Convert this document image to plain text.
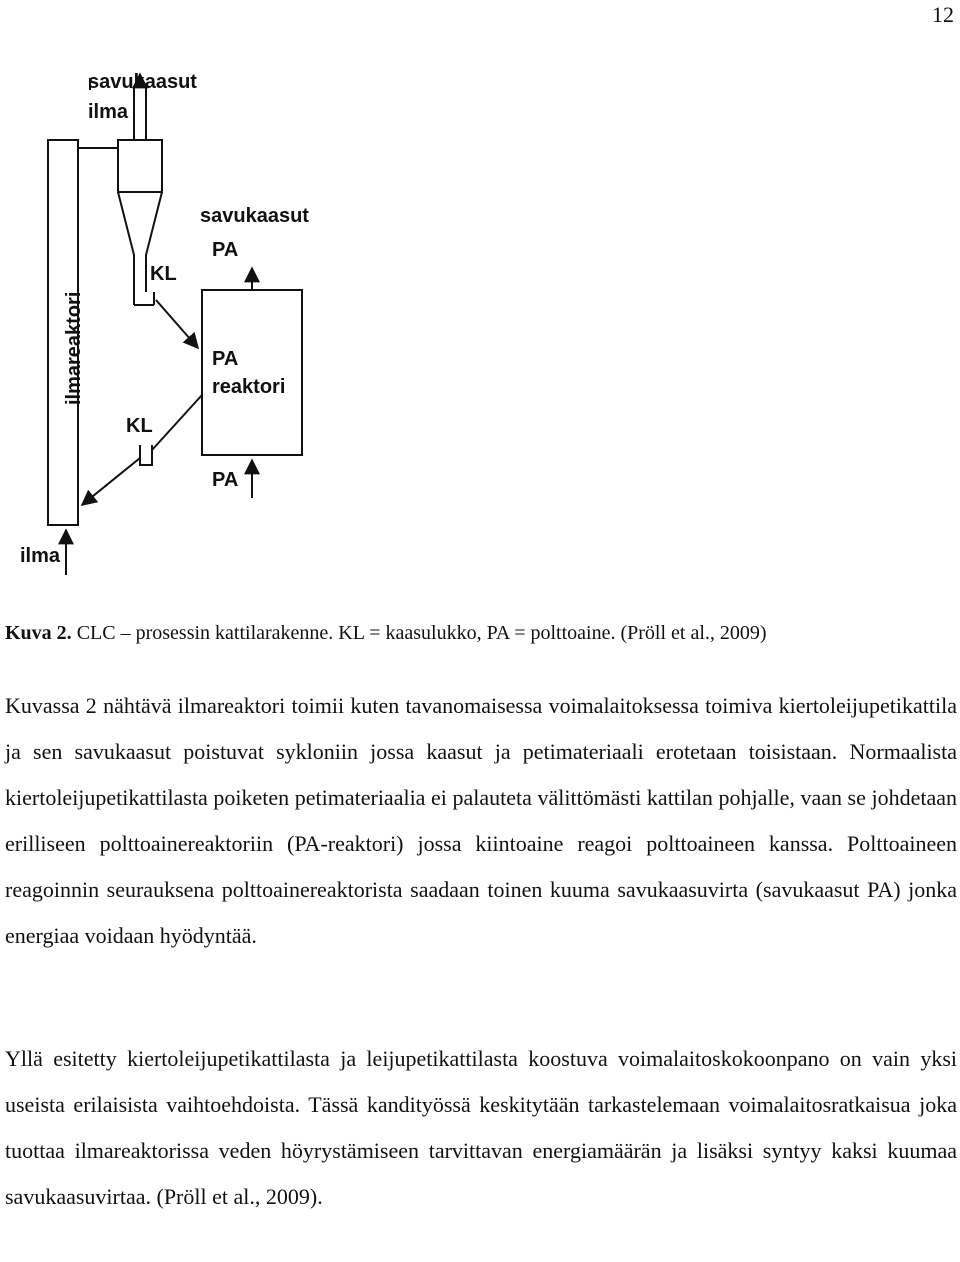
12
savukaasut
ilma
savukaasut
PA
KL
PA
reaktori
KL
PA
ilma
ilmareaktori
Kuva 2. CLC – prosessin kattilarakenne. KL = kaasulukko, PA = polttoaine. (Pröll et al., 2009)

Kuvassa 2 nähtävä ilmareaktori toimii kuten tavanomaisessa voimalaitoksessa toimiva kiertoleijupetikattila ja sen savukaasut poistuvat sykloniin jossa kaasut ja petimateriaali erotetaan toisistaan. Normaalista kiertoleijupetikattilasta poiketen petimateriaalia ei palauteta välittömästi kattilan pohjalle, vaan se johdetaan erilliseen polttoainereaktoriin (PA-reaktori) jossa kiintoaine reagoi polttoaineen kanssa. Polttoaineen reagoinnin seurauksena polttoainereaktorista saadaan toinen kuuma savukaasuvirta (savukaasut PA) jonka energiaa voidaan hyödyntää.

Yllä esitetty kiertoleijupetikattilasta ja leijupetikattilasta koostuva voimalaitoskokoonpano on vain yksi useista erilaisista vaihtoehdoista. Tässä kandityössä keskitytään tarkastelemaan voimalaitosratkaisua joka tuottaa ilmareaktorissa veden höyrystämiseen tarvittavan energiamäärän ja lisäksi syntyy kaksi kuumaa savukaasuvirtaa. (Pröll et al., 2009).
